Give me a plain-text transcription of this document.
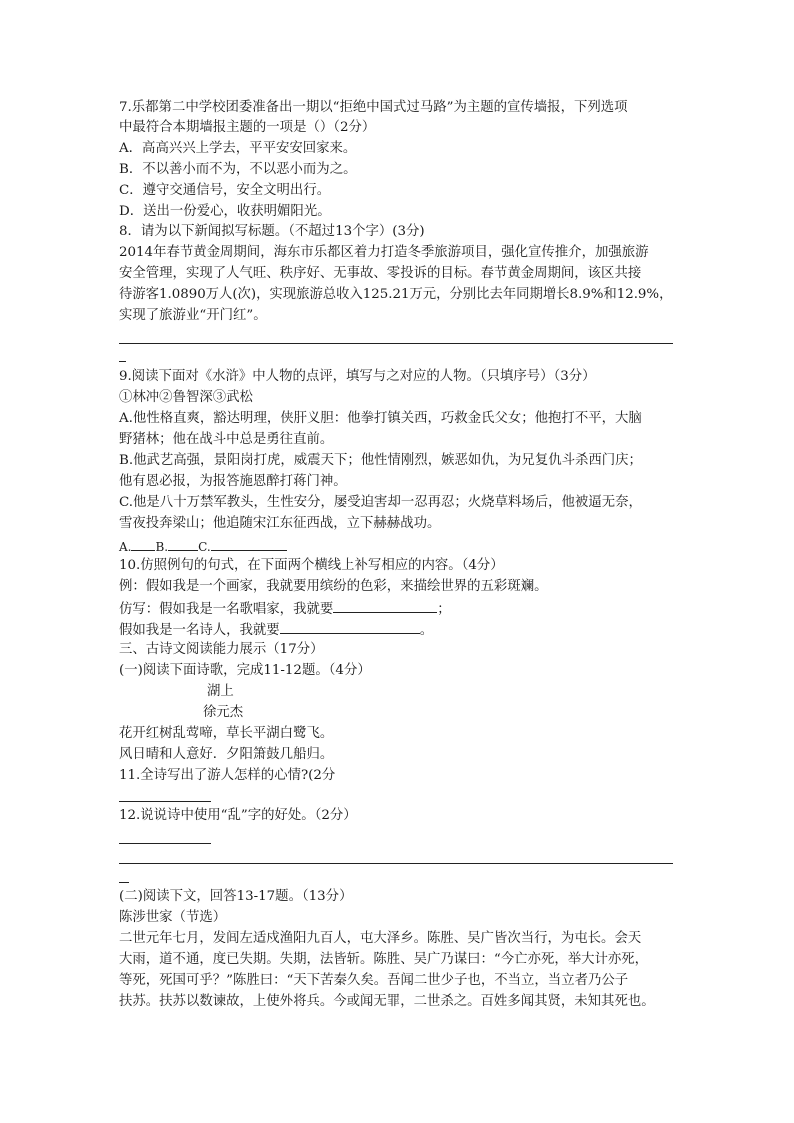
7.乐都第二中学校团委准备出一期以“拒绝中国式过马路”为主题的宣传墙报，下列选项
中最符合本期墙报主题的一项是（）（2分）
A．高高兴兴上学去，平平安安回家来。
B．不以善小而不为，不以恶小而为之。
C．遵守交通信号，安全文明出行。
D．送出一份爱心，收获明媚阳光。
8．请为以下新闻拟写标题。（不超过13个字）(3分)
2014年春节黄金周期间，海东市乐都区着力打造冬季旅游项目，强化宣传推介，加强旅游
安全管理，实现了人气旺、秩序好、无事故、零投诉的目标。春节黄金周期间，该区共接
待游客1.0890万人(次)，实现旅游总收入125.21万元，分别比去年同期增长8.9%和12.9%，
实现了旅游业“开门红”。
9.阅读下面对《水浒》中人物的点评，填写与之对应的人物。（只填序号）（3分）
①林冲②鲁智深③武松
A.他性格直爽，豁达明理，侠肝义胆：他拳打镇关西，巧救金氏父女；他抱打不平，大脑
野猪林；他在战斗中总是勇往直前。
B.他武艺高强，景阳岗打虎，威震天下；他性情刚烈，嫉恶如仇，为兄复仇斗杀西门庆；
他有恩必报，为报答施恩醉打蒋门神。
C.他是八十万禁军教头，生性安分，屡受迫害却一忍再忍；火烧草料场后，他被逼无奈，
雪夜投奔梁山；他追随宋江东征西战，立下赫赫战功。
A. B.	C.
10.仿照例句的句式，在下面两个横线上补写相应的内容。（4分）
例：假如我是一个画家，我就要用缤纷的色彩，来描绘世界的五彩斑斓。
仿写：假如我是一名歌唱家，我就要	；
假如我是一名诗人，我就要	。
三、古诗文阅读能力展示（17分）
(一)阅读下面诗歌，完成11-12题。（4分）
湖上
徐元杰
花开红树乱莺啼，草长平湖白鹭飞。
风日晴和人意好．夕阳箫鼓几船归。
11.全诗写出了游人怎样的心情?(2分
12.说说诗中使用“乱”字的好处。（2分）
(二)阅读下文，回答13-17题。（13分）
陈涉世家（节选）
二世元年七月，发闾左适戍渔阳九百人，屯大泽乡。陈胜、吴广皆次当行，为屯长。会天
大雨，道不通，度已失期。失期，法皆斩。陈胜、吴广乃谋曰：“今亡亦死，举大计亦死，
等死，死国可乎？”陈胜曰：“天下苦秦久矣。吾闻二世少子也，不当立，当立者乃公子
扶苏。扶苏以数谏故，上使外将兵。今或闻无罪，二世杀之。百姓多闻其贤，未知其死也。
